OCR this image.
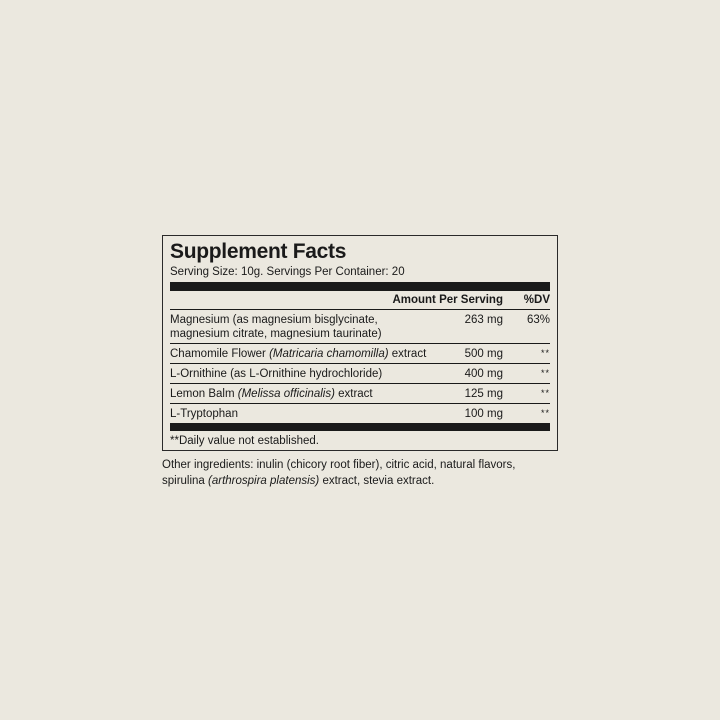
Supplement Facts
Serving Size: 10g. Servings Per Container: 20
Amount Per Serving %DV
Magnesium (as magnesium bisglycinate,
magnesium citrate, magnesium taurinate)
263 mg 63%
Chamomile Flower (Matricaria chamomilla) extract	500 mg	**
L-Ornithine (as L-Ornithine hydrochloride)	400 mg	**
Lemon Balm (Melissa officinalis) extract	125 mg	**
L-Tryptophan	100 mg	**
**Daily value not established.
Other ingredients: inulin (chicory root fiber), citric acid, natural flavors,
spirulina (arthrospira platensis) extract, stevia extract.
